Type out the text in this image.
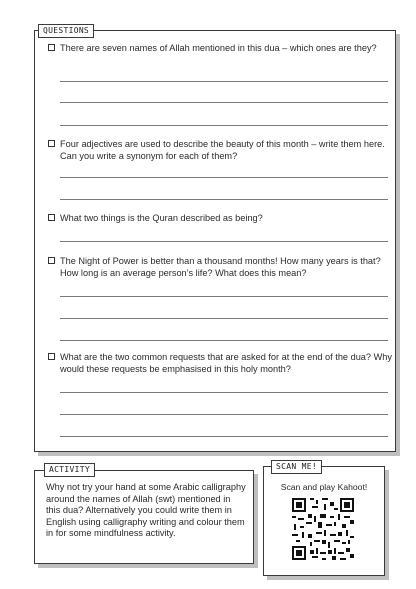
QUESTIONS
There are seven names of Allah mentioned in this dua – which ones are they?
Four adjectives are used to describe the beauty of this month – write them here. Can you write a synonym for each of them?
What two things is the Quran described as being?
The Night of Power is better than a thousand months! How many years is that? How long is an average person’s life? What does this mean?
What are the two common requests that are asked for at the end of the dua? Why would these requests be emphasised in this holy month?
ACTIVITY
Why not try your hand at some Arabic calligraphy around the names of Allah (swt) mentioned in this dua? Alternatively you could write them in English using calligraphy writing and colour them in for some mindfulness activity.
SCAN ME!
Scan and play Kahoot!
